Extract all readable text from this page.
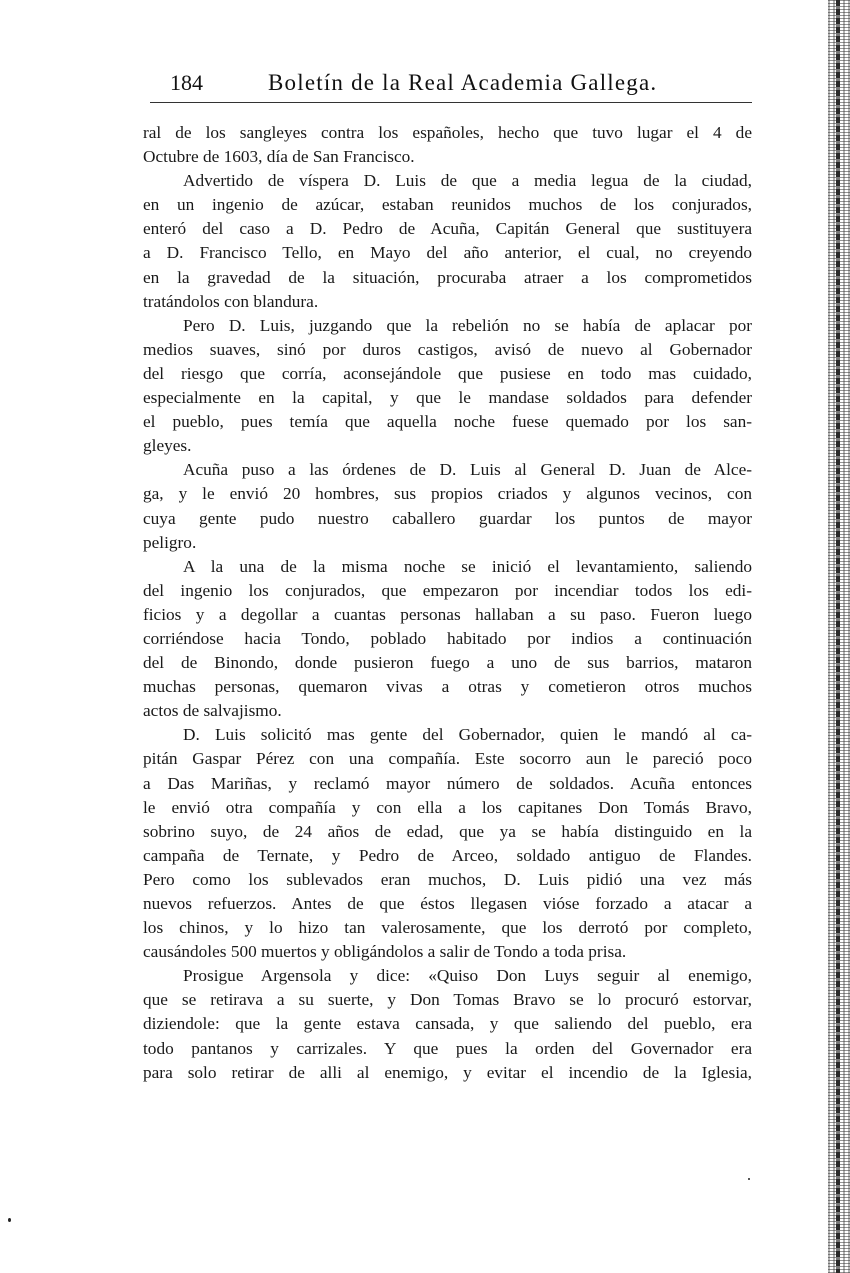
184	Boletín de la Real Academia Gallega.
ral de los sangleyes contra los españoles, hecho que tuvo lugar el 4 de
Octubre de 1603, día de San Francisco.
Advertido de víspera D. Luis de que a media legua de la ciudad,
en un ingenio de azúcar, estaban reunidos muchos de los conjurados,
enteró del caso a D. Pedro de Acuña, Capitán General que sustituyera
a D. Francisco Tello, en Mayo del año anterior, el cual, no creyendo
en la gravedad de la situación, procuraba atraer a los comprometidos
tratándolos con blandura.
Pero D. Luis, juzgando que la rebelión no se había de aplacar por
medios suaves, sinó por duros castigos, avisó de nuevo al Gobernador
del riesgo que corría, aconsejándole que pusiese en todo mas cuidado,
especialmente en la capital, y que le mandase soldados para defender
el pueblo, pues temía que aquella noche fuese quemado por los san-
gleyes.
Acuña puso a las órdenes de D. Luis al General D. Juan de Alce-
ga, y le envió 20 hombres, sus propios criados y algunos vecinos, con
cuya gente pudo nuestro caballero guardar los puntos de mayor
peligro.
A la una de la misma noche se inició el levantamiento, saliendo
del ingenio los conjurados, que empezaron por incendiar todos los edi-
ficios y a degollar a cuantas personas hallaban a su paso. Fueron luego
corriéndose hacia Tondo, poblado habitado por indios a continuación
del de Binondo, donde pusieron fuego a uno de sus barrios, mataron
muchas personas, quemaron vivas a otras y cometieron otros muchos
actos de salvajismo.
D. Luis solicitó mas gente del Gobernador, quien le mandó al ca-
pitán Gaspar Pérez con una compañía. Este socorro aun le pareció poco
a Das Mariñas, y reclamó mayor número de soldados. Acuña entonces
le envió otra compañía y con ella a los capitanes Don Tomás Bravo,
sobrino suyo, de 24 años de edad, que ya se había distinguido en la
campaña de Ternate, y Pedro de Arceo, soldado antiguo de Flandes.
Pero como los sublevados eran muchos, D. Luis pidió una vez más
nuevos refuerzos. Antes de que éstos llegasen vióse forzado a atacar a
los chinos, y lo hizo tan valerosamente, que los derrotó por completo,
causándoles 500 muertos y obligándolos a salir de Tondo a toda prisa.
Prosigue Argensola y dice: «Quiso Don Luys seguir al enemigo,
que se retirava a su suerte, y Don Tomas Bravo se lo procuró estorvar,
diziendole: que la gente estava cansada, y que saliendo del pueblo, era
todo pantanos y carrizales. Y que pues la orden del Governador era
para solo retirar de alli al enemigo, y evitar el incendio de la Iglesia,
